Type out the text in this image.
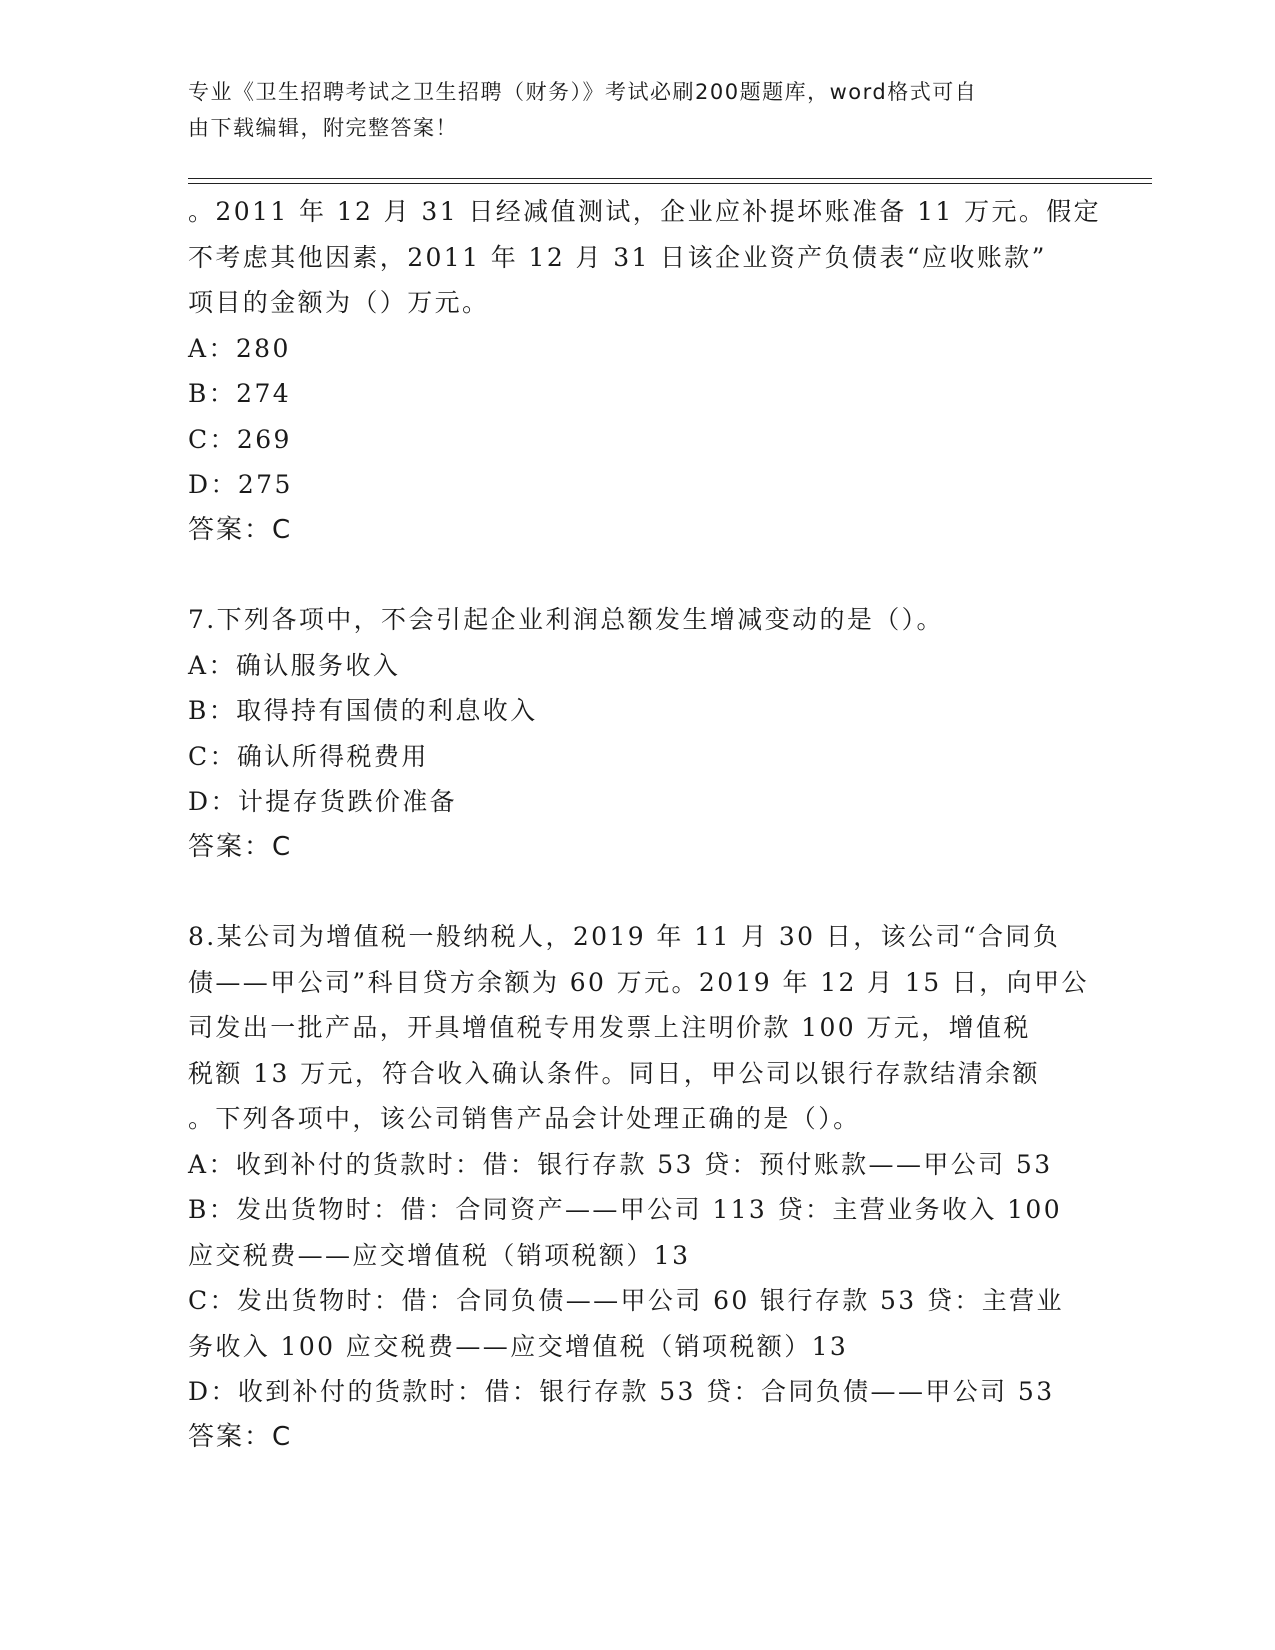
专业《卫生招聘考试之卫生招聘（财务）》考试必刷200题题库，word格式可自
由下载编辑，附完整答案！

。2011 年 12 月 31 日经减值测试，企业应补提坏账准备 11 万元。假定

不考虑其他因素，2011 年 12 月 31 日该企业资产负债表“应收账款”

项目的金额为（）万元。

A：280

B：274

C：269

D：275

答案：C

7.下列各项中，不会引起企业利润总额发生增减变动的是（）。

A：确认服务收入

B：取得持有国债的利息收入

C：确认所得税费用

D：计提存货跌价准备

答案：C

8.某公司为增值税一般纳税人，2019 年 11 月 30 日，该公司“合同负

债——甲公司”科目贷方余额为 60 万元。2019 年 12 月 15 日，向甲公

司发出一批产品，开具增值税专用发票上注明价款 100 万元，增值税

税额 13 万元，符合收入确认条件。同日，甲公司以银行存款结清余额

。下列各项中，该公司销售产品会计处理正确的是（）。

A：收到补付的货款时：借：银行存款 53 贷：预付账款——甲公司 53

B：发出货物时：借：合同资产——甲公司 113 贷：主营业务收入 100

应交税费——应交增值税（销项税额）13

C：发出货物时：借：合同负债——甲公司 60 银行存款 53 贷：主营业

务收入 100 应交税费——应交增值税（销项税额）13

D：收到补付的货款时：借：银行存款 53 贷：合同负债——甲公司 53

答案：C
